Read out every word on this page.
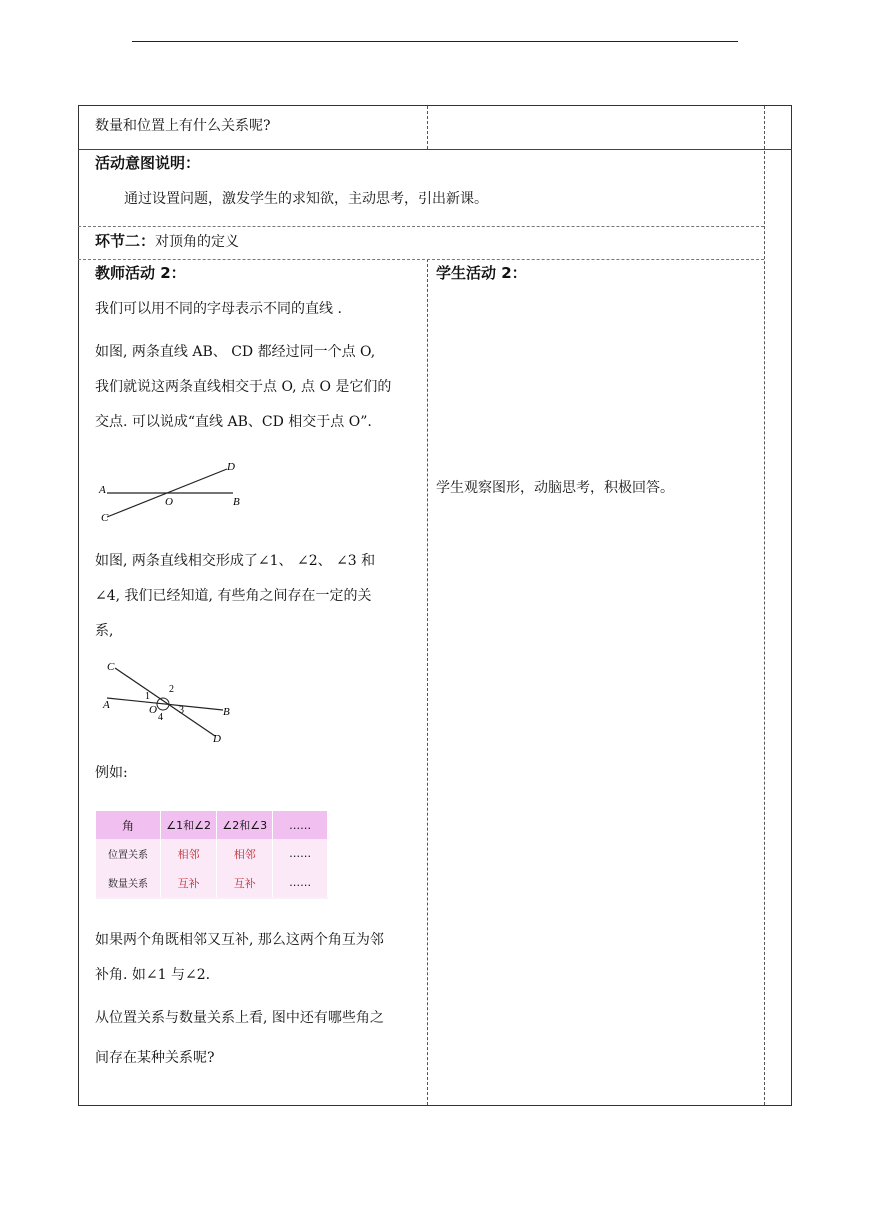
数量和位置上有什么关系呢?
活动意图说明：
通过设置问题，激发学生的求知欲，主动思考，引出新课。
环节二：对顶角的定义
教师活动 2：
我们可以用不同的字母表示不同的直线 .
如图, 两条直线 AB、 CD 都经过同一个点 O,
我们就说这两条直线相交于点 O, 点 O 是它们的
交点. 可以说成“直线 AB、CD 相交于点 O”.
D
A
O	B
C
如图, 两条直线相交形成了∠1、 ∠2、 ∠3 和
∠4, 我们已经知道, 有些角之间存在一定的关
系,
C
A	O
1
2
3
4	B
D
例如:
角	∠1和∠2	∠2和∠3	……
位置关系	相邻	相邻	……
数量关系	互补	互补	……
如果两个角既相邻又互补, 那么这两个角互为邻
补角. 如∠1 与∠2.
从位置关系与数量关系上看, 图中还有哪些角之
间存在某种关系呢?
学生活动 2：
学生观察图形，动脑思考，积极回答。
